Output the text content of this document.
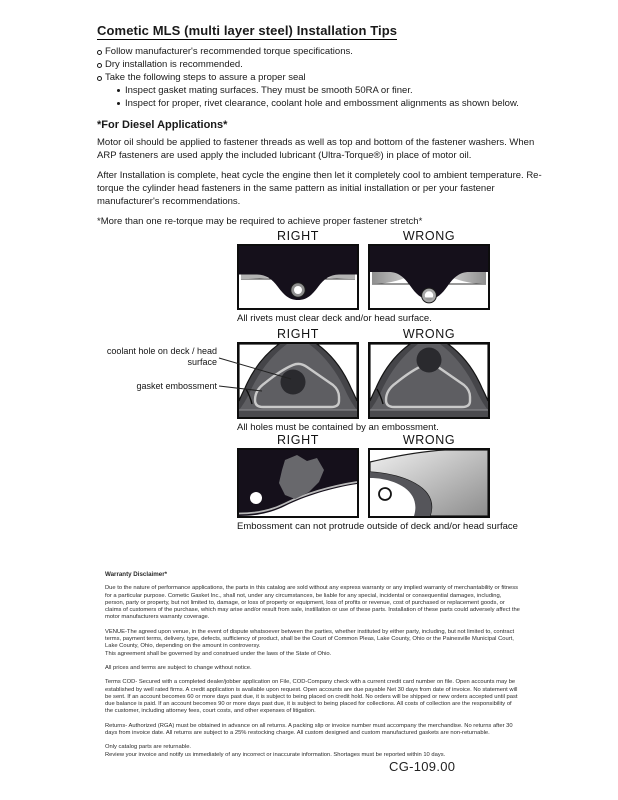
Cometic MLS (multi layer steel) Installation Tips
Follow manufacturer's recommended torque specifications.
Dry installation is recommended.
Take the following steps to assure a proper seal
Inspect gasket mating surfaces. They must be smooth 50RA or finer.
Inspect for proper, rivet clearance, coolant hole and embossment alignments as shown below.
*For Diesel Applications*

Motor oil should be applied to fastener threads as well as top and bottom of the fastener washers. When ARP fasteners are used apply the included lubricant (Ultra-Torque®) in place of motor oil.

After Installation is complete, heat cycle the engine then let it completely cool to ambient temperature. Re-torque the cylinder head fasteners in the same pattern as initial installation or per your fastener manufacturer's recommendations.

*More than one re-torque may be required to achieve proper fastener stretch*

RIGHT	WRONG
All rivets must clear deck and/or head surface.
RIGHT	WRONG
All holes must be contained by an embossment.
coolant hole on deck / head surface
gasket embossment
RIGHT	WRONG
Embossment can not protrude outside of deck and/or head surface

Warranty Disclaimer*

Due to the nature of performance applications, the parts in this catalog are sold without any express warranty or any implied warranty of merchantability or fitness for a particular purpose. Cometic Gasket Inc., shall not, under any circumstances, be liable for any special, incidental or consequential damages, including, person, party or property, but not limited to, damage, or loss of property or equipment, loss of profits or revenue, cost of purchased or replacement goods, or claims of customers of the purchase, which may arise and/or result from sale, instillation or use of these parts. Installation of these parts could adversely affect the motor manufacturers warranty coverage.

VENUE-The agreed upon venue, in the event of dispute whatsoever between the parties, whether instituted by either party, including, but not limited to, contract terms, payment terms, delivery, type, defects, sufficiency of product, shall be the Court of Common Pleas, Lake County, Ohio or the Painesville Municipal Court, Lake County, Ohio, depending on the amount in controversy.
This agreement shall be governed by and construed under the laws of the State of Ohio.

All prices and terms are subject to change without notice.

Terms COD- Secured with a completed dealer/jobber application on File, COD-Company check with a current credit card number on file. Open accounts may be established by well rated firms. A credit application is available upon request. Open accounts are due payable Net 30 days from date of invoice. No statement will be sent. If an account becomes 60 or more days past due, it is subject to being placed on credit hold. No orders will be shipped or new orders accepted until past due balance is paid. If an account becomes 90 or more days past due, it is subject to being placed for collections. All costs of collection are the responsibility of the customer, including attorney fees, court costs, and other expenses of litigation.

Returns- Authorized (RGA) must be obtained in advance on all returns. A packing slip or invoice number must accompany the merchandise. No returns after 30 days from invoice date. All returns are subject to a 25% restocking charge. All custom designed and custom manufactured gaskets are non-returnable.

Only catalog parts are returnable.
Review your invoice and notify us immediately of any incorrect or inaccurate information. Shortages must be reported within 10 days.

CG-109.00
